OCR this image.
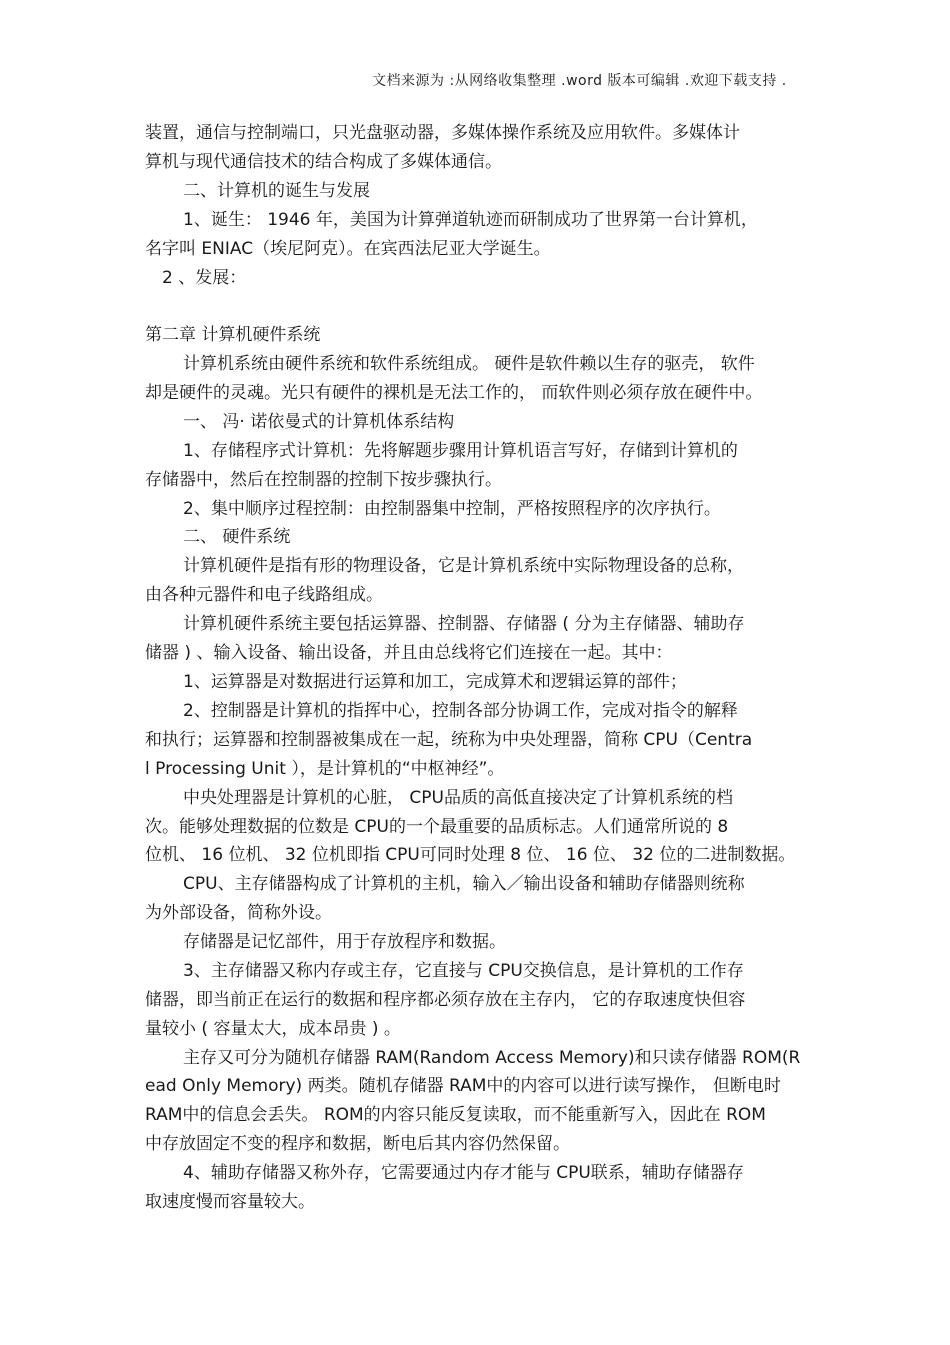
文档来源为 :从网络收集整理 .word 版本可编辑 .欢迎下载支持 .
装置，通信与控制端口，只光盘驱动器，多媒体操作系统及应用软件。多媒体计
算机与现代通信技术的结合构成了多媒体通信。
二、计算机的诞生与发展
1、诞生： 1946 年，美国为计算弹道轨迹而研制成功了世界第一台计算机，
名字叫 ENIAC（埃尼阿克）。在宾西法尼亚大学诞生。
2 、发展：
第二章 计算机硬件系统
计算机系统由硬件系统和软件系统组成。 硬件是软件赖以生存的驱壳， 软件
却是硬件的灵魂。光只有硬件的裸机是无法工作的， 而软件则必须存放在硬件中。
一、 冯· 诺依曼式的计算机体系结构
1、存储程序式计算机：先将解题步骤用计算机语言写好，存储到计算机的
存储器中，然后在控制器的控制下按步骤执行。
2、集中顺序过程控制：由控制器集中控制，严格按照程序的次序执行。
二、 硬件系统
计算机硬件是指有形的物理设备，它是计算机系统中实际物理设备的总称，
由各种元器件和电子线路组成。
计算机硬件系统主要包括运算器、控制器、存储器 ( 分为主存储器、辅助存
储器 ) 、输入设备、输出设备，并且由总线将它们连接在一起。其中：
1、运算器是对数据进行运算和加工，完成算术和逻辑运算的部件；
2、控制器是计算机的指挥中心，控制各部分协调工作，完成对指令的解释
和执行；运算器和控制器被集成在一起，统称为中央处理器，简称 CPU（Centra
l Processing Unit ），是计算机的“中枢神经”。
中央处理器是计算机的心脏， CPU品质的高低直接决定了计算机系统的档
次。能够处理数据的位数是 CPU的一个最重要的品质标志。人们通常所说的 8
位机、 16 位机、 32 位机即指 CPU可同时处理 8 位、 16 位、 32 位的二进制数据。
CPU、主存储器构成了计算机的主机，输入／输出设备和辅助存储器则统称
为外部设备，简称外设。
存储器是记忆部件，用于存放程序和数据。
3、主存储器又称内存或主存，它直接与 CPU交换信息，是计算机的工作存
储器，即当前正在运行的数据和程序都必须存放在主存内， 它的存取速度快但容
量较小 ( 容量太大，成本昂贵 ) 。
主存又可分为随机存储器 RAM(Random Access Memory)和只读存储器 ROM(R
ead Only Memory) 两类。随机存储器 RAM中的内容可以进行读写操作， 但断电时
RAM中的信息会丢失。 ROM的内容只能反复读取，而不能重新写入，因此在 ROM
中存放固定不变的程序和数据，断电后其内容仍然保留。
4、辅助存储器又称外存，它需要通过内存才能与 CPU联系，辅助存储器存
取速度慢而容量较大。
